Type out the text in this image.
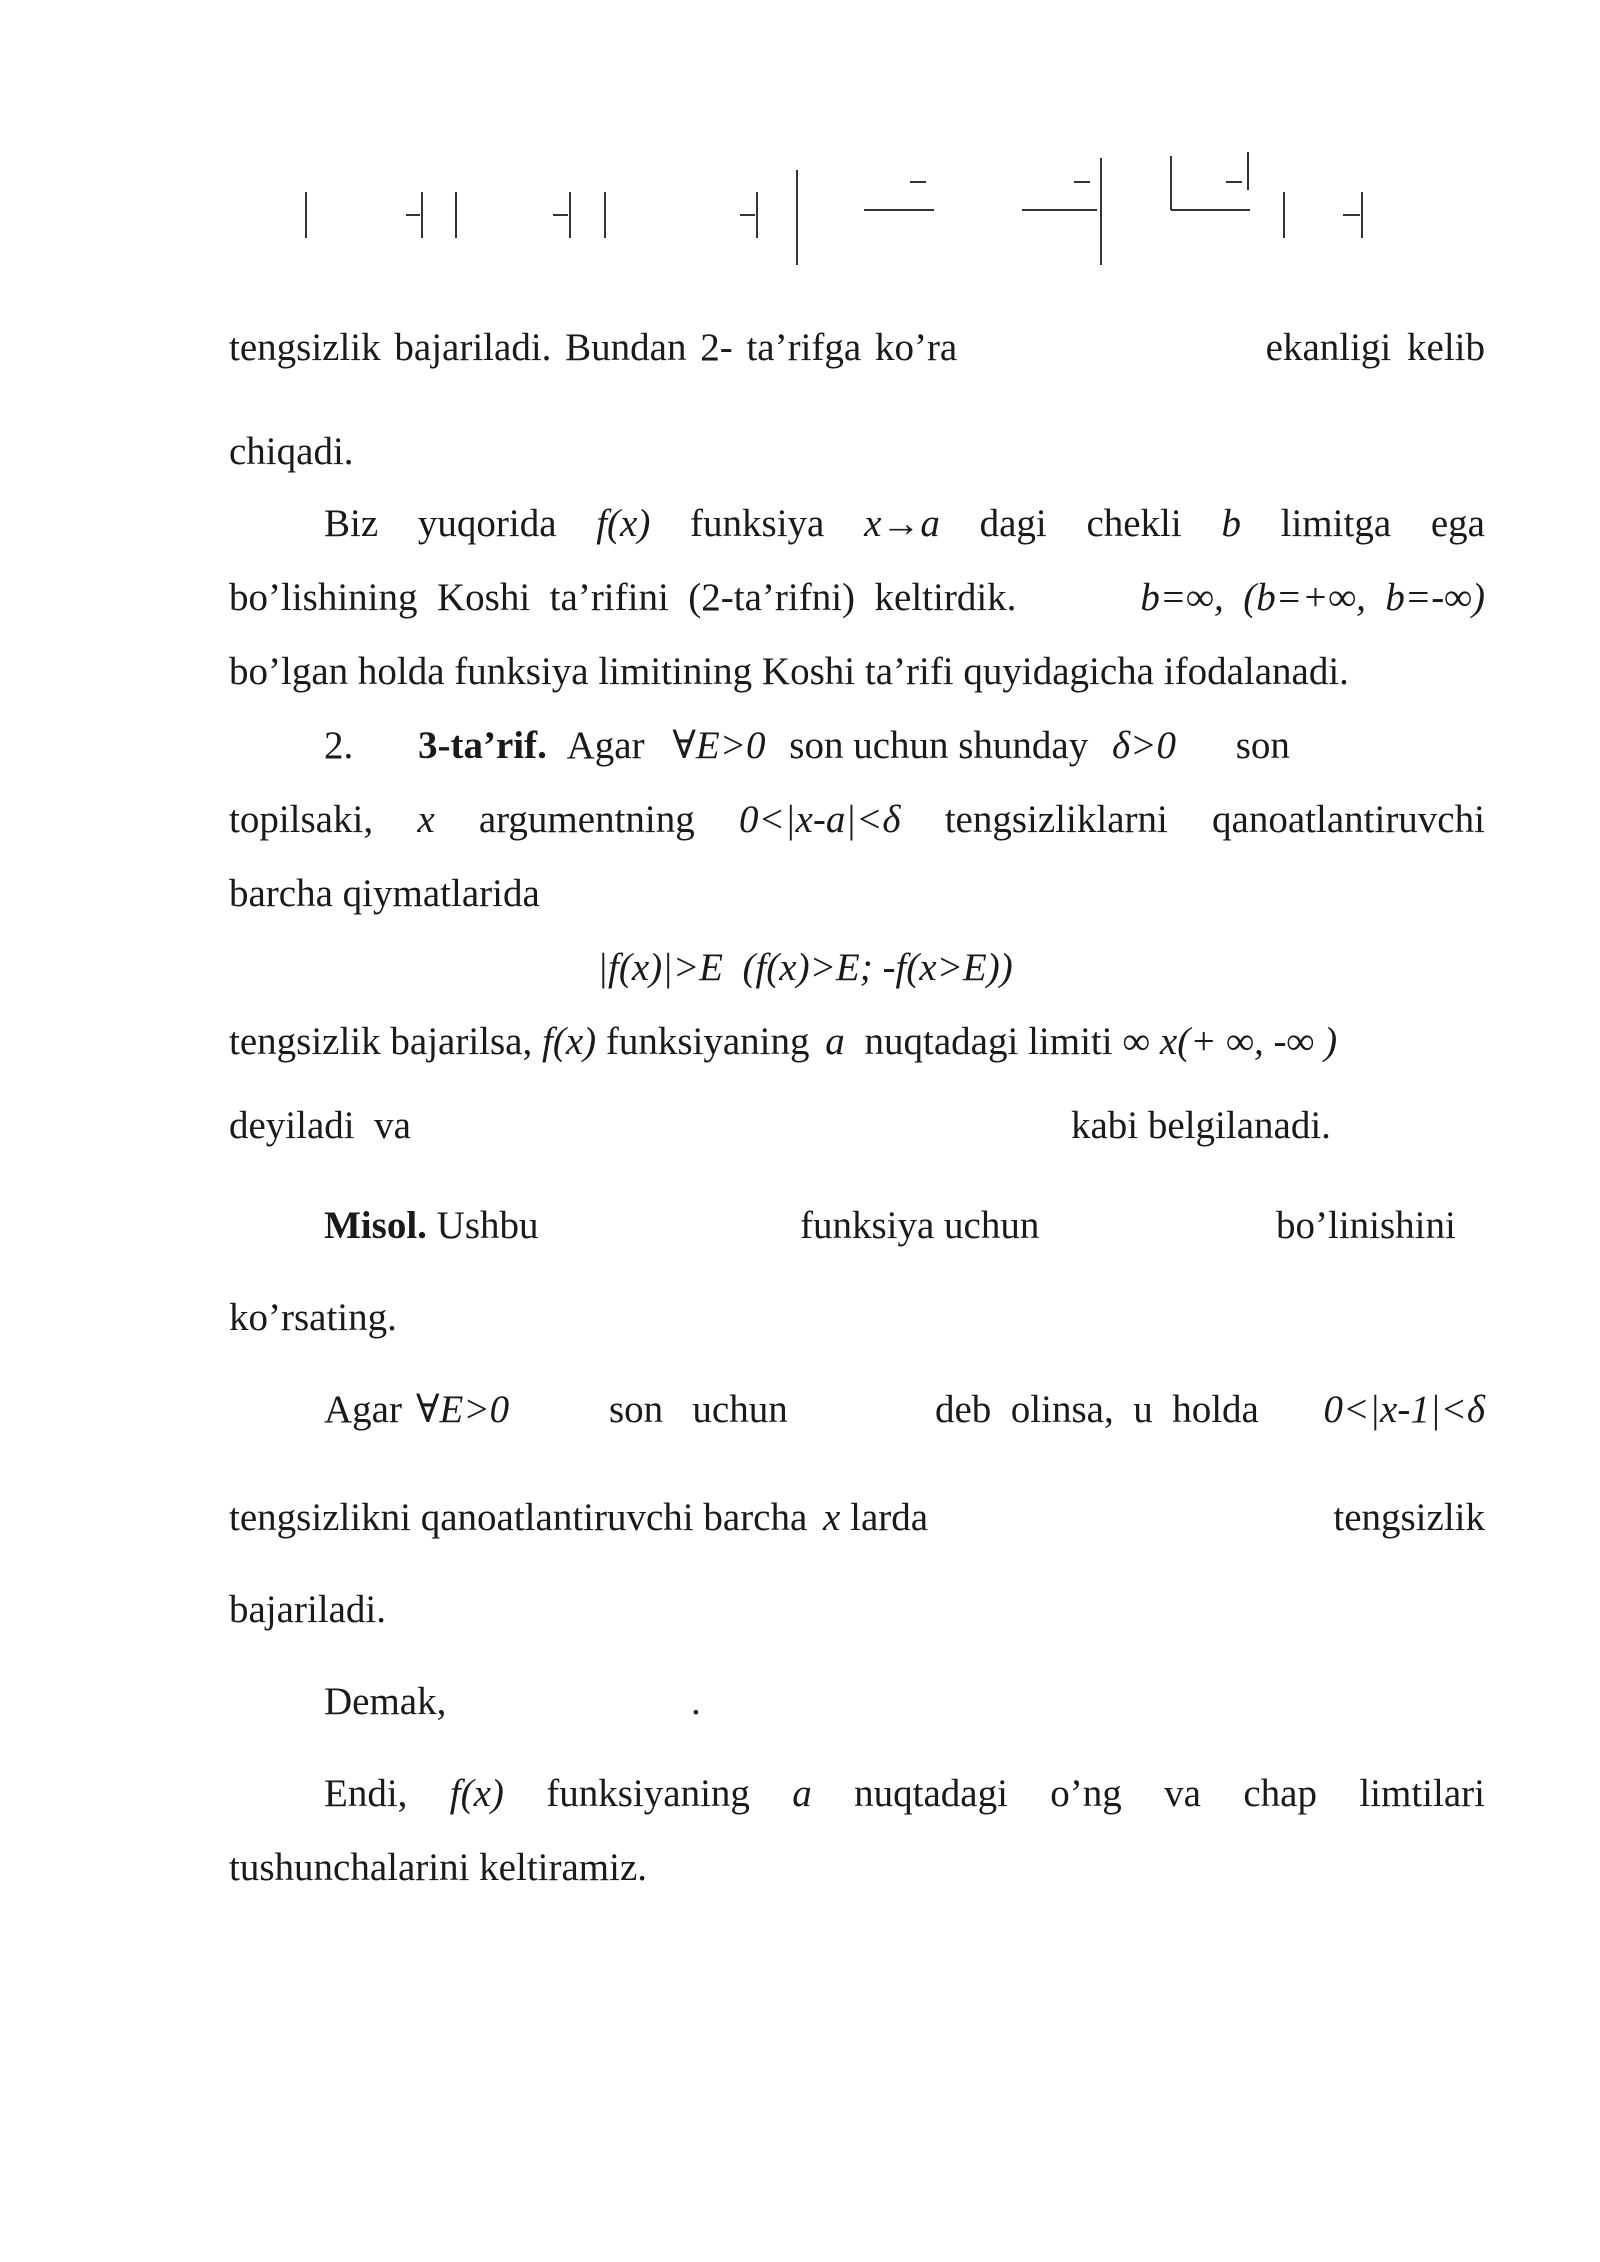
tengsizlik bajariladi. Bundan 2- ta’rifga ko’ra	ekanligi kelib
chiqadi.
Biz yuqorida f(x) funksiya x→a dagi chekli b limitga ega
bo’lishining  Koshi  ta’rifini  (2-ta’rifni)  keltirdik.	b=∞,  (b=+∞,  b=-∞)
bo’lgan holda funksiya limitining Koshi ta’rifi quyidagicha ifodalanadi.
2. 3-ta’rif. Agar ∀E>0 son uchun shunday δ>0 son
topilsaki, x argumentning 0<|x-a|<δ tengsizliklarni qanoatlantiruvchi
barcha qiymatlarida
|f(x)|>E  (f(x)>E; -f(x>E))
tengsizlik bajarilsa, f(x) funksiyaning a nuqtadagi limiti ∞ x(+ ∞, -∞ )
deyiladi  va	kabi belgilanadi.
Misol. Ushbu	funksiya uchun	bo’linishini
ko’rsating.
Agar ∀E>0	son   uchun	deb  olinsa,  u  holda 0<|x-1|<δ
tengsizlikni qanoatlantiruvchi barcha x larda	tengsizlik
bajariladi.
Demak,	.
Endi, f(x) funksiyaning a nuqtadagi o’ng va chap limtilari
tushunchalarini keltiramiz.
